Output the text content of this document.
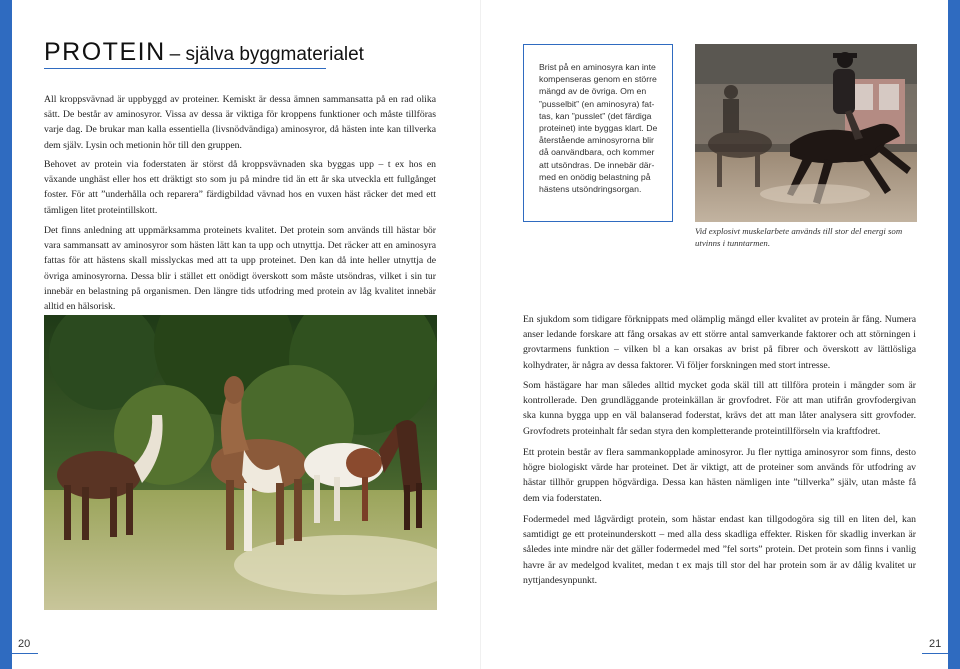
PROTEIN – själva byggmaterialet

All kroppsvävnad är uppbyggd av proteiner. Kemiskt är dessa ämnen sammansatta på en rad olika sätt. De består av aminosyror. Vissa av dessa är viktiga för kroppens funktioner och måste tillföras varje dag. De brukar man kalla essentiella (livsnödvändiga) aminosyror, då hästen inte kan tillverka dem själv. Lysin och metionin hör till den gruppen.

Behovet av protein via foderstaten är störst då kroppsvävnaden ska byggas upp – t ex hos en växande unghäst eller hos ett dräktigt sto som ju på mindre tid än ett år ska utveckla ett fullgånget foster. För att ”underhålla och reparera” färdigbildad vävnad hos en vuxen häst räcker det med ett tämligen litet proteintillskott.

Det finns anledning att uppmärksamma proteinets kvalitet. Det protein som används till hästar bör vara sammansatt av aminosyror som hästen lätt kan ta upp och utnyttja. Det räcker att en aminosyra fattas för att hästens skall misslyckas med att ta upp proteinet. Den kan då inte heller utnyttja de övriga aminosyrorna. Dessa blir i stället ett onödigt överskott som måste utsöndras, vilket i sin tur innebär en belastning på organismen. Den längre tids utfodring med protein av låg kvalitet innebär alltid en hälsorisk.

20
Brist på en aminosyra kan inte kompenseras genom en större mängd av de övriga. Om en ”pusselbit” (en aminosyra) fat-tas, kan ”pusslet” (det färdiga proteinet) inte byggas klart. De återstående aminosyrorna blir då oanvändbara, och kommer att utsöndras. De innebär där-med en onödig belastning på hästens utsöndringsorgan.

Vid explosivt muskelarbete används till stor del energi som utvinns i tunntarmen.

En sjukdom som tidigare förknippats med olämplig mängd eller kvalitet av protein är fång. Numera anser ledande forskare att fång orsakas av ett större antal samverkande faktorer och att störningen i grovtarmens funktion – vilken bl a kan orsakas av brist på fibrer och överskott av lättlösliga kolhydrater, är några av dessa faktorer. Vi följer forskningen med stort intresse.

Som hästägare har man således alltid mycket goda skäl till att tillföra protein i mängder som är kontrollerade. Den grundläggande proteinkällan är grovfodret. För att man utifrån grovfodergivan ska kunna bygga upp en väl balanserad foderstat, krävs det att man låter analysera sitt grovfoder. Grovfodrets proteinhalt får sedan styra den kompletterande proteintillförseln via kraftfodret.

Ett protein består av flera sammankopplade aminosyror. Ju fler nyttiga aminosyror som finns, desto högre biologiskt värde har proteinet. Det är viktigt, att de proteiner som används för utfodring av hästar tillhör gruppen högvärdiga. Dessa kan hästen nämligen inte ”tillverka” själv, utan måste få dem via foderstaten.

Fodermedel med lågvärdigt protein, som hästar endast kan tillgodogöra sig till en liten del, kan samtidigt ge ett proteinunderskott – med alla dess skadliga effekter. Risken för skadlig inverkan är således inte mindre när det gäller fodermedel med ”fel sorts” protein. Det protein som finns i vanlig havre är av medelgod kvalitet, medan t ex majs till stor del har protein som är av dålig kvalitet ur nyttjandesynpunkt.

21
